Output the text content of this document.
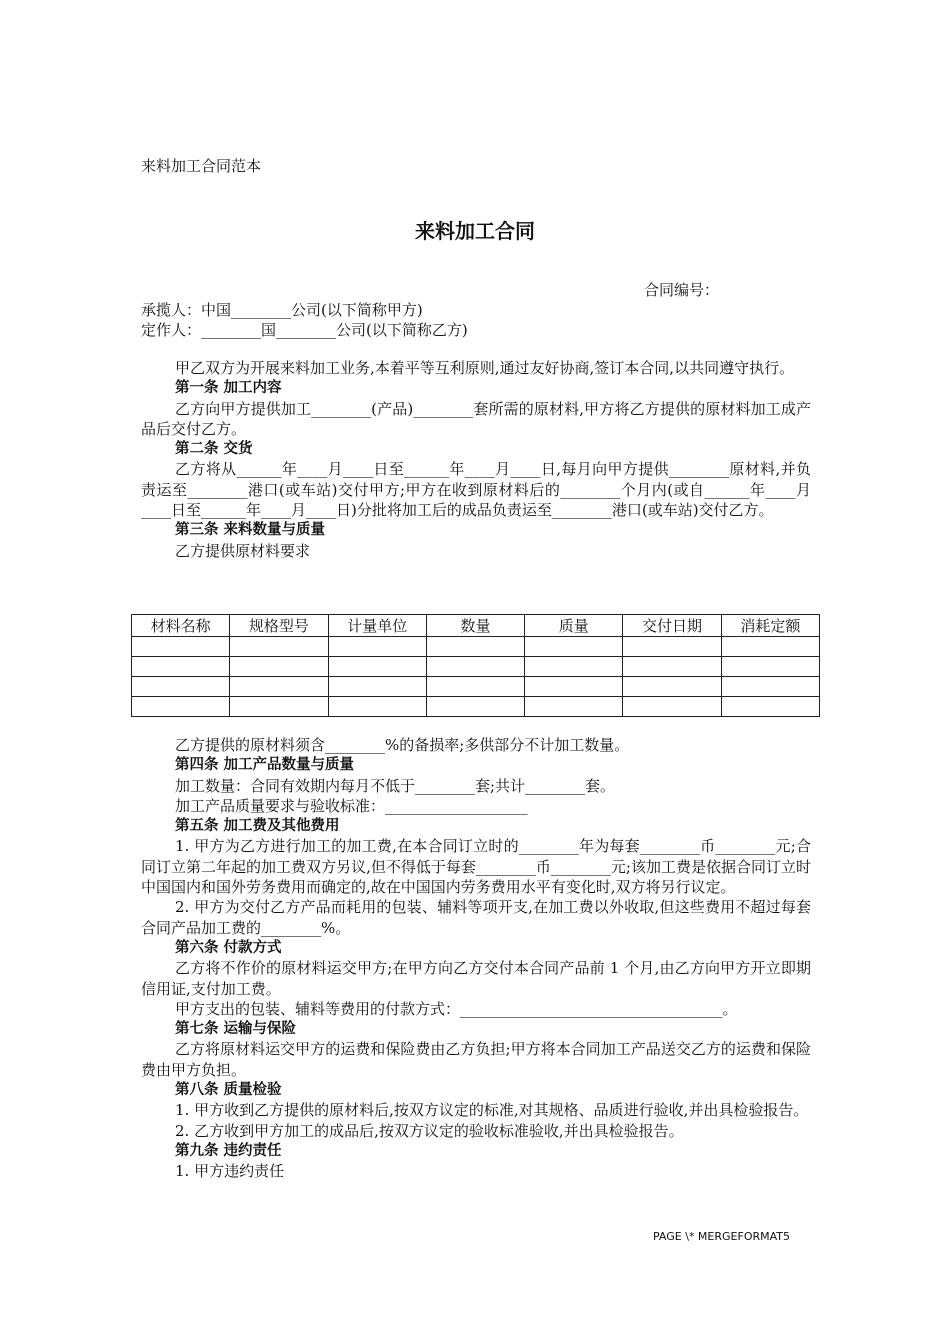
来料加工合同范本
来料加工合同
合同编号：
承揽人：中国________公司(以下简称甲方)
定作人：________国________公司(以下简称乙方)

甲乙双方为开展来料加工业务,本着平等互利原则,通过友好协商,签订本合同,以共同遵守执行。

第一条 加工内容

乙方向甲方提供加工________(产品)________套所需的原材料,甲方将乙方提供的原材料加工成产品后交付乙方。

第二条 交货

乙方将从______年____月____日至______年____月____日,每月向甲方提供________原材料,并负责运至________港口(或车站)交付甲方;甲方在收到原材料后的________个月内(或自______年____月____日至______年____月____日)分批将加工后的成品负责运至________港口(或车站)交付乙方。

第三条 来料数量与质量

乙方提供原材料要求

材料名称	规格型号	计量单位	数量	质量	交付日期	消耗定额

乙方提供的原材料须含________%的备损率;多供部分不计加工数量。

第四条 加工产品数量与质量

加工数量：合同有效期内每月不低于________套;共计________套。

加工产品质量要求与验收标准：___________________

第五条 加工费及其他费用

1. 甲方为乙方进行加工的加工费,在本合同订立时的________年为每套________币________元;合同订立第二年起的加工费双方另议,但不得低于每套________币________元;该加工费是依据合同订立时中国国内和国外劳务费用而确定的,故在中国国内劳务费用水平有变化时,双方将另行议定。

2. 甲方为交付乙方产品而耗用的包装、辅料等项开支,在加工费以外收取,但这些费用不超过每套合同产品加工费的________%。

第六条 付款方式

乙方将不作价的原材料运交甲方;在甲方向乙方交付本合同产品前 1 个月,由乙方向甲方开立即期信用证,支付加工费。

甲方支出的包装、辅料等费用的付款方式：___________________________________。

第七条 运输与保险

乙方将原材料运交甲方的运费和保险费由乙方负担;甲方将本合同加工产品送交乙方的运费和保险费由甲方负担。

第八条 质量检验

1. 甲方收到乙方提供的原材料后,按双方议定的标准,对其规格、品质进行验收,并出具检验报告。

2. 乙方收到甲方加工的成品后,按双方议定的验收标准验收,并出具检验报告。

第九条 违约责任

1. 甲方违约责任

PAGE \* MERGEFORMAT5
